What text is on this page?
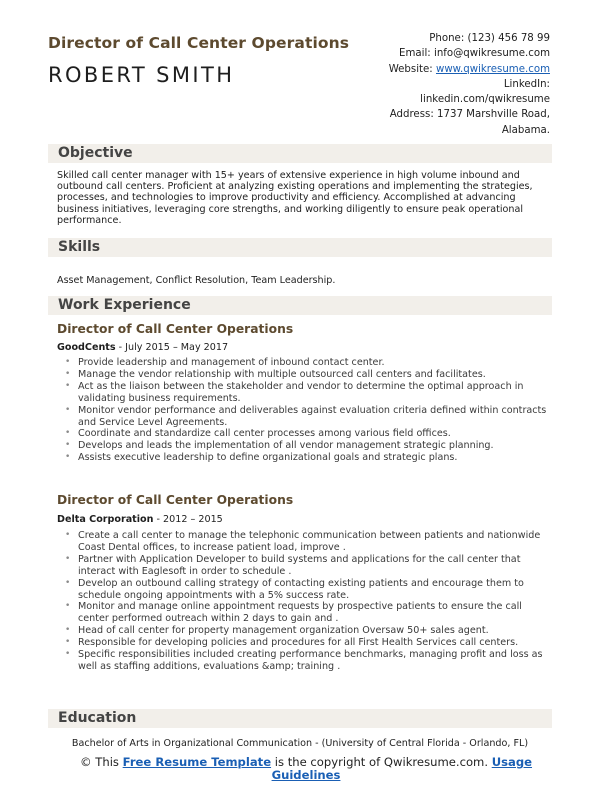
Director of Call Center Operations
ROBERT SMITH
Phone: (123) 456 78 99
Email: info@qwikresume.com
Website: www.qwikresume.com
LinkedIn:
linkedin.com/qwikresume
Address: 1737 Marshville Road,
Alabama.
Objective
Skilled call center manager with 15+ years of extensive experience in high volume inbound and outbound call centers. Proficient at analyzing existing operations and implementing the strategies, processes, and technologies to improve productivity and efficiency. Accomplished at advancing business initiatives, leveraging core strengths, and working diligently to ensure peak operational performance.
Skills
Asset Management, Conflict Resolution, Team Leadership.
Work Experience
Director of Call Center Operations
GoodCents - July 2015 – May 2017
• Provide leadership and management of inbound contact center.
• Manage the vendor relationship with multiple outsourced call centers and facilitates.
• Act as the liaison between the stakeholder and vendor to determine the optimal approach in validating business requirements.
• Monitor vendor performance and deliverables against evaluation criteria defined within contracts and Service Level Agreements.
• Coordinate and standardize call center processes among various field offices.
• Develops and leads the implementation of all vendor management strategic planning.
• Assists executive leadership to define organizational goals and strategic plans.
Director of Call Center Operations
Delta Corporation - 2012 – 2015
• Create a call center to manage the telephonic communication between patients and nationwide Coast Dental offices, to increase patient load, improve .
• Partner with Application Developer to build systems and applications for the call center that interact with Eaglesoft in order to schedule .
• Develop an outbound calling strategy of contacting existing patients and encourage them to schedule ongoing appointments with a 5% success rate.
• Monitor and manage online appointment requests by prospective patients to ensure the call center performed outreach within 2 days to gain and .
• Head of call center for property management organization Oversaw 50+ sales agent.
• Responsible for developing policies and procedures for all First Health Services call centers.
• Specific responsibilities included creating performance benchmarks, managing profit and loss as well as staffing additions, evaluations &amp; training .
Education
Bachelor of Arts in Organizational Communication - (University of Central Florida - Orlando, FL)
© This Free Resume Template is the copyright of Qwikresume.com. Usage Guidelines
